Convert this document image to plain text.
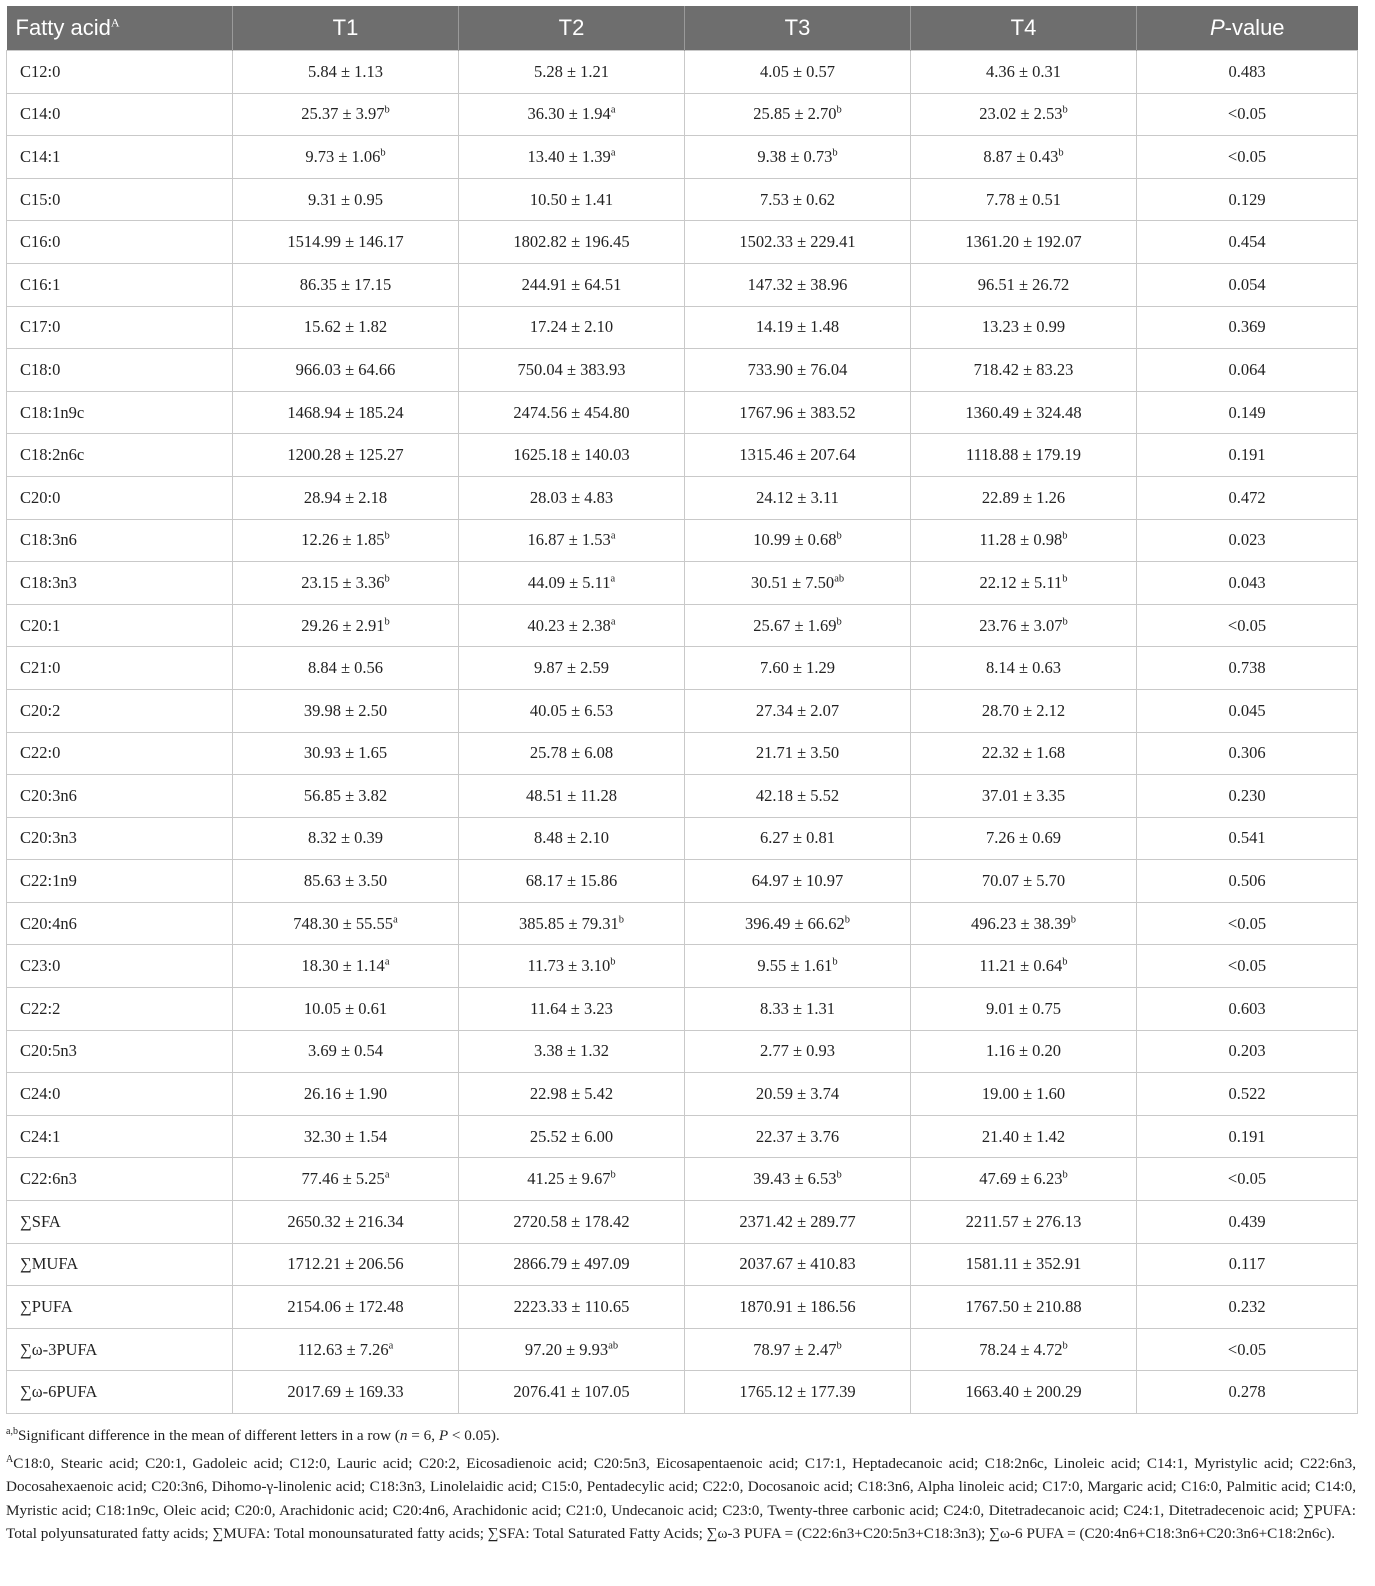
Fatty acid$^A$	T1	T2	T3	T4	P-value
C12:0	5.84 ± 1.13	5.28 ± 1.21	4.05 ± 0.57	4.36 ± 0.31	0.483
C14:0	25.37 ± 3.97$^b$	36.30 ± 1.94$^a$	25.85 ± 2.70$^b$	23.02 ± 2.53$^b$	<0.05
C14:1	9.73 ± 1.06$^b$	13.40 ± 1.39$^a$	9.38 ± 0.73$^b$	8.87 ± 0.43$^b$	<0.05
C15:0	9.31 ± 0.95	10.50 ± 1.41	7.53 ± 0.62	7.78 ± 0.51	0.129
C16:0	1514.99 ± 146.17	1802.82 ± 196.45	1502.33 ± 229.41	1361.20 ± 192.07	0.454
C16:1	86.35 ± 17.15	244.91 ± 64.51	147.32 ± 38.96	96.51 ± 26.72	0.054
C17:0	15.62 ± 1.82	17.24 ± 2.10	14.19 ± 1.48	13.23 ± 0.99	0.369
C18:0	966.03 ± 64.66	750.04 ± 383.93	733.90 ± 76.04	718.42 ± 83.23	0.064
C18:1n9c	1468.94 ± 185.24	2474.56 ± 454.80	1767.96 ± 383.52	1360.49 ± 324.48	0.149
C18:2n6c	1200.28 ± 125.27	1625.18 ± 140.03	1315.46 ± 207.64	1118.88 ± 179.19	0.191
C20:0	28.94 ± 2.18	28.03 ± 4.83	24.12 ± 3.11	22.89 ± 1.26	0.472
C18:3n6	12.26 ± 1.85$^b$	16.87 ± 1.53$^a$	10.99 ± 0.68$^b$	11.28 ± 0.98$^b$	0.023
C18:3n3	23.15 ± 3.36$^b$	44.09 ± 5.11$^a$	30.51 ± 7.50$^{ab}$	22.12 ± 5.11$^b$	0.043
C20:1	29.26 ± 2.91$^b$	40.23 ± 2.38$^a$	25.67 ± 1.69$^b$	23.76 ± 3.07$^b$	<0.05
C21:0	8.84 ± 0.56	9.87 ± 2.59	7.60 ± 1.29	8.14 ± 0.63	0.738
C20:2	39.98 ± 2.50	40.05 ± 6.53	27.34 ± 2.07	28.70 ± 2.12	0.045
C22:0	30.93 ± 1.65	25.78 ± 6.08	21.71 ± 3.50	22.32 ± 1.68	0.306
C20:3n6	56.85 ± 3.82	48.51 ± 11.28	42.18 ± 5.52	37.01 ± 3.35	0.230
C20:3n3	8.32 ± 0.39	8.48 ± 2.10	6.27 ± 0.81	7.26 ± 0.69	0.541
C22:1n9	85.63 ± 3.50	68.17 ± 15.86	64.97 ± 10.97	70.07 ± 5.70	0.506
C20:4n6	748.30 ± 55.55$^a$	385.85 ± 79.31$^b$	396.49 ± 66.62$^b$	496.23 ± 38.39$^b$	<0.05
C23:0	18.30 ± 1.14$^a$	11.73 ± 3.10$^b$	9.55 ± 1.61$^b$	11.21 ± 0.64$^b$	<0.05
C22:2	10.05 ± 0.61	11.64 ± 3.23	8.33 ± 1.31	9.01 ± 0.75	0.603
C20:5n3	3.69 ± 0.54	3.38 ± 1.32	2.77 ± 0.93	1.16 ± 0.20	0.203
C24:0	26.16 ± 1.90	22.98 ± 5.42	20.59 ± 3.74	19.00 ± 1.60	0.522
C24:1	32.30 ± 1.54	25.52 ± 6.00	22.37 ± 3.76	21.40 ± 1.42	0.191
C22:6n3	77.46 ± 5.25$^a$	41.25 ± 9.67$^b$	39.43 ± 6.53$^b$	47.69 ± 6.23$^b$	<0.05
∑SFA	2650.32 ± 216.34	2720.58 ± 178.42	2371.42 ± 289.77	2211.57 ± 276.13	0.439
∑MUFA	1712.21 ± 206.56	2866.79 ± 497.09	2037.67 ± 410.83	1581.11 ± 352.91	0.117
∑PUFA	2154.06 ± 172.48	2223.33 ± 110.65	1870.91 ± 186.56	1767.50 ± 210.88	0.232
∑ω-3PUFA	112.63 ± 7.26$^a$	97.20 ± 9.93$^{ab}$	78.97 ± 2.47$^b$	78.24 ± 4.72$^b$	<0.05
∑ω-6PUFA	2017.69 ± 169.33	2076.41 ± 107.05	1765.12 ± 177.39	1663.40 ± 200.29	0.278

$^{a,b}$Significant difference in the mean of different letters in a row (n = 6, P < 0.05).

$^A$C18:0, Stearic acid; C20:1, Gadoleic acid; C12:0, Lauric acid; C20:2, Eicosadienoic acid; C20:5n3, Eicosapentaenoic acid; C17:1, Heptadecanoic acid; C18:2n6c, Linoleic acid; C14:1, Myristylic acid; C22:6n3, Docosahexaenoic acid; C20:3n6, Dihomo-γ-linolenic acid; C18:3n3, Linolelaidic acid; C15:0, Pentadecylic acid; C22:0, Docosanoic acid; C18:3n6, Alpha linoleic acid; C17:0, Margaric acid; C16:0, Palmitic acid; C14:0, Myristic acid; C18:1n9c, Oleic acid; C20:0, Arachidonic acid; C20:4n6, Arachidonic acid; C21:0, Undecanoic acid; C23:0, Twenty-three carbonic acid; C24:0, Ditetradecanoic acid; C24:1, Ditetradecenoic acid; ∑PUFA: Total polyunsaturated fatty acids; ∑MUFA: Total monounsaturated fatty acids; ∑SFA: Total Saturated Fatty Acids; ∑ω-3 PUFA = (C22:6n3+C20:5n3+C18:3n3); ∑ω-6 PUFA = (C20:4n6+C18:3n6+C20:3n6+C18:2n6c).
